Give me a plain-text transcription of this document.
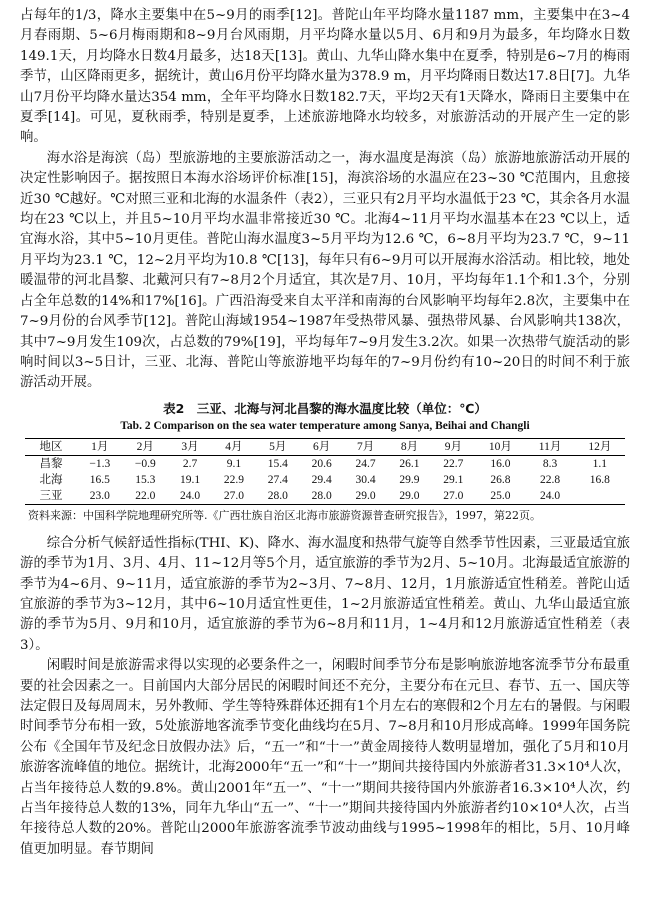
占每年的1/3，降水主要集中在5~9月的雨季[12]。普陀山年平均降水量1187 mm，主要集中在3~4月春雨期、5~6月梅雨期和8~9月台风雨期，月平均降水量以5月、6月和9月为最多，年均降水日数149.1天，月均降水日数4月最多，达18天[13]。黄山、九华山降水集中在夏季，特别是6~7月的梅雨季节，山区降雨更多，据统计，黄山6月份平均降水量为378.9 m，月平均降雨日数达17.8日[7]。九华山7月份平均降水量达354 mm，全年平均降水日数182.7天，平均2天有1天降水，降雨日主要集中在夏季[14]。可见，夏秋雨季，特别是夏季，上述旅游地降水均较多，对旅游活动的开展产生一定的影响。

海水浴是海滨（岛）型旅游地的主要旅游活动之一，海水温度是海滨（岛）旅游地旅游活动开展的决定性影响因子。据按照日本海水浴场评价标准[15]，海滨浴场的水温应在23~30 ℃范围内，且愈接近30 ℃越好。℃对照三亚和北海的水温条件（表2），三亚只有2月平均水温低于23 ℃，其余各月水温均在23 ℃以上，并且5~10月平均水温非常接近30 ℃。北海4~11月平均水温基本在23 ℃以上，适宜海水浴，其中5~10月更佳。普陀山海水温度3~5月平均为12.6 ℃，6~8月平均为23.7 ℃，9~11月平均为23.1 ℃，12~2月平均为10.8 ℃[13]，每年只有6~9月可以开展海水浴活动。相比较，地处暖温带的河北昌黎、北戴河只有7~8月2个月适宜，其次是7月、10月，平均每年1.1个和1.3个，分别占全年总数的14%和17%[16]。广西沿海受来自太平洋和南海的台风影响平均每年2.8次，主要集中在7~9月份的台风季节[12]。普陀山海域1954~1987年受热带风暴、强热带风暴、台风影响共138次，其中7~9月发生109次，占总数的79%[19]，平均每年7~9月发生3.2次。如果一次热带气旋活动的影响时间以3~5日计，三亚、北海、普陀山等旅游地平均每年的7~9月份约有10~20日的时间不利于旅游活动开展。

表2　三亚、北海与河北昌黎的海水温度比较（单位：℃）
Tab. 2 Comparison on the sea water temperature among Sanya, Beihai and Changli
地区	1月	2月	3月	4月	5月	6月	7月	8月	9月	10月	11月	12月
昌黎	−1.3	−0.9	2.7	9.1	15.4	20.6	24.7	26.1	22.7	16.0	8.3	1.1
北海	16.5	15.3	19.1	22.9	27.4	29.4	30.4	29.9	29.1	26.8	22.8	16.8
三亚	23.0	22.0	24.0	27.0	28.0	28.0	29.0	29.0	27.0	25.0	24.0	
资料来源：中国科学院地理研究所等.《广西壮族自治区北海市旅游资源普查研究报告》，1997，第22页。

综合分析气候舒适性指标(THI、K)、降水、海水温度和热带气旋等自然季节性因素，三亚最适宜旅游的季节为1月、3月、4月、11~12月等5个月，适宜旅游的季节为2月、5~10月。北海最适宜旅游的季节为4~6月、9~11月，适宜旅游的季节为2~3月、7~8月、12月，1月旅游适宜性稍差。普陀山适宜旅游的季节为3~12月，其中6~10月适宜性更佳，1~2月旅游适宜性稍差。黄山、九华山最适宜旅游的季节为5月、9月和10月，适宜旅游的季节为6~8月和11月，1~4月和12月旅游适宜性稍差（表3）。

闲暇时间是旅游需求得以实现的必要条件之一，闲暇时间季节分布是影响旅游地客流季节分布最重要的社会因素之一。目前国内大部分居民的闲暇时间还不充分，主要分布在元旦、春节、五一、国庆等法定假日及每周周末，另外教师、学生等特殊群体还拥有1个月左右的寒假和2个月左右的暑假。与闲暇时间季节分布相一致，5处旅游地客流季节变化曲线均在5月、7~8月和10月形成高峰。1999年国务院公布《全国年节及纪念日放假办法》后，“五一”和“十一”黄金周接待人数明显增加，强化了5月和10月旅游客流峰值的地位。据统计，北海2000年“五一”和“十一”期间共接待国内外旅游者31.3×10⁴人次，占当年接待总人数的9.8%。黄山2001年“五一”、“十一”期间共接待国内外旅游者16.3×10⁴人次，约占当年接待总人数的13%，同年九华山“五一”、“十一”期间共接待国内外旅游者约10×10⁴人次，占当年接待总人数的20%。普陀山2000年旅游客流季节波动曲线与1995~1998年的相比，5月、10月峰值更加明显。春节期间
